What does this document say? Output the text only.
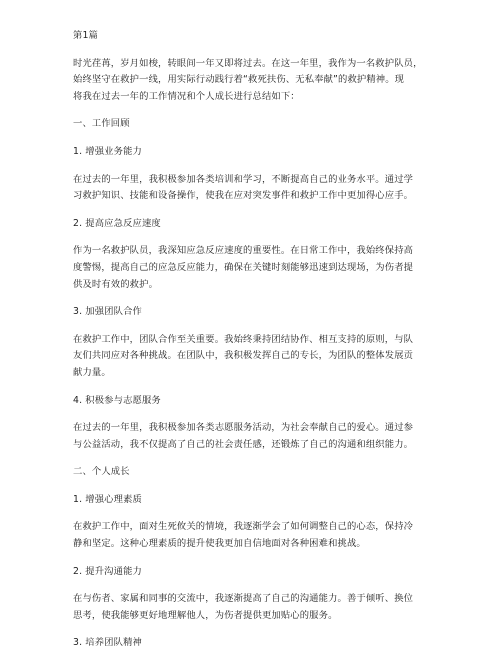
第1篇

时光荏苒，岁月如梭，转眼间一年又即将过去。在这一年里，我作为一名救护队员，

始终坚守在救护一线，用实际行动践行着“救死扶伤、无私奉献”的救护精神。现

将我在过去一年的工作情况和个人成长进行总结如下：

一、工作回顾

1. 增强业务能力

在过去的一年里，我积极参加各类培训和学习，不断提高自己的业务水平。通过学

习救护知识、技能和设备操作，使我在应对突发事件和救护工作中更加得心应手。

2. 提高应急反应速度

作为一名救护队员，我深知应急反应速度的重要性。在日常工作中，我始终保持高

度警惕，提高自己的应急反应能力，确保在关键时刻能够迅速到达现场，为伤者提

供及时有效的救护。

3. 加强团队合作

在救护工作中，团队合作至关重要。我始终秉持团结协作、相互支持的原则，与队

友们共同应对各种挑战。在团队中，我积极发挥自己的专长，为团队的整体发展贡

献力量。

4. 积极参与志愿服务

在过去的一年里，我积极参加各类志愿服务活动，为社会奉献自己的爱心。通过参

与公益活动，我不仅提高了自己的社会责任感，还锻炼了自己的沟通和组织能力。

二、个人成长

1. 增强心理素质

在救护工作中，面对生死攸关的情境，我逐渐学会了如何调整自己的心态，保持冷

静和坚定。这种心理素质的提升使我更加自信地面对各种困难和挑战。

2. 提升沟通能力

在与伤者、家属和同事的交流中，我逐渐提高了自己的沟通能力。善于倾听、换位

思考，使我能够更好地理解他人，为伤者提供更加贴心的服务。

3. 培养团队精神
